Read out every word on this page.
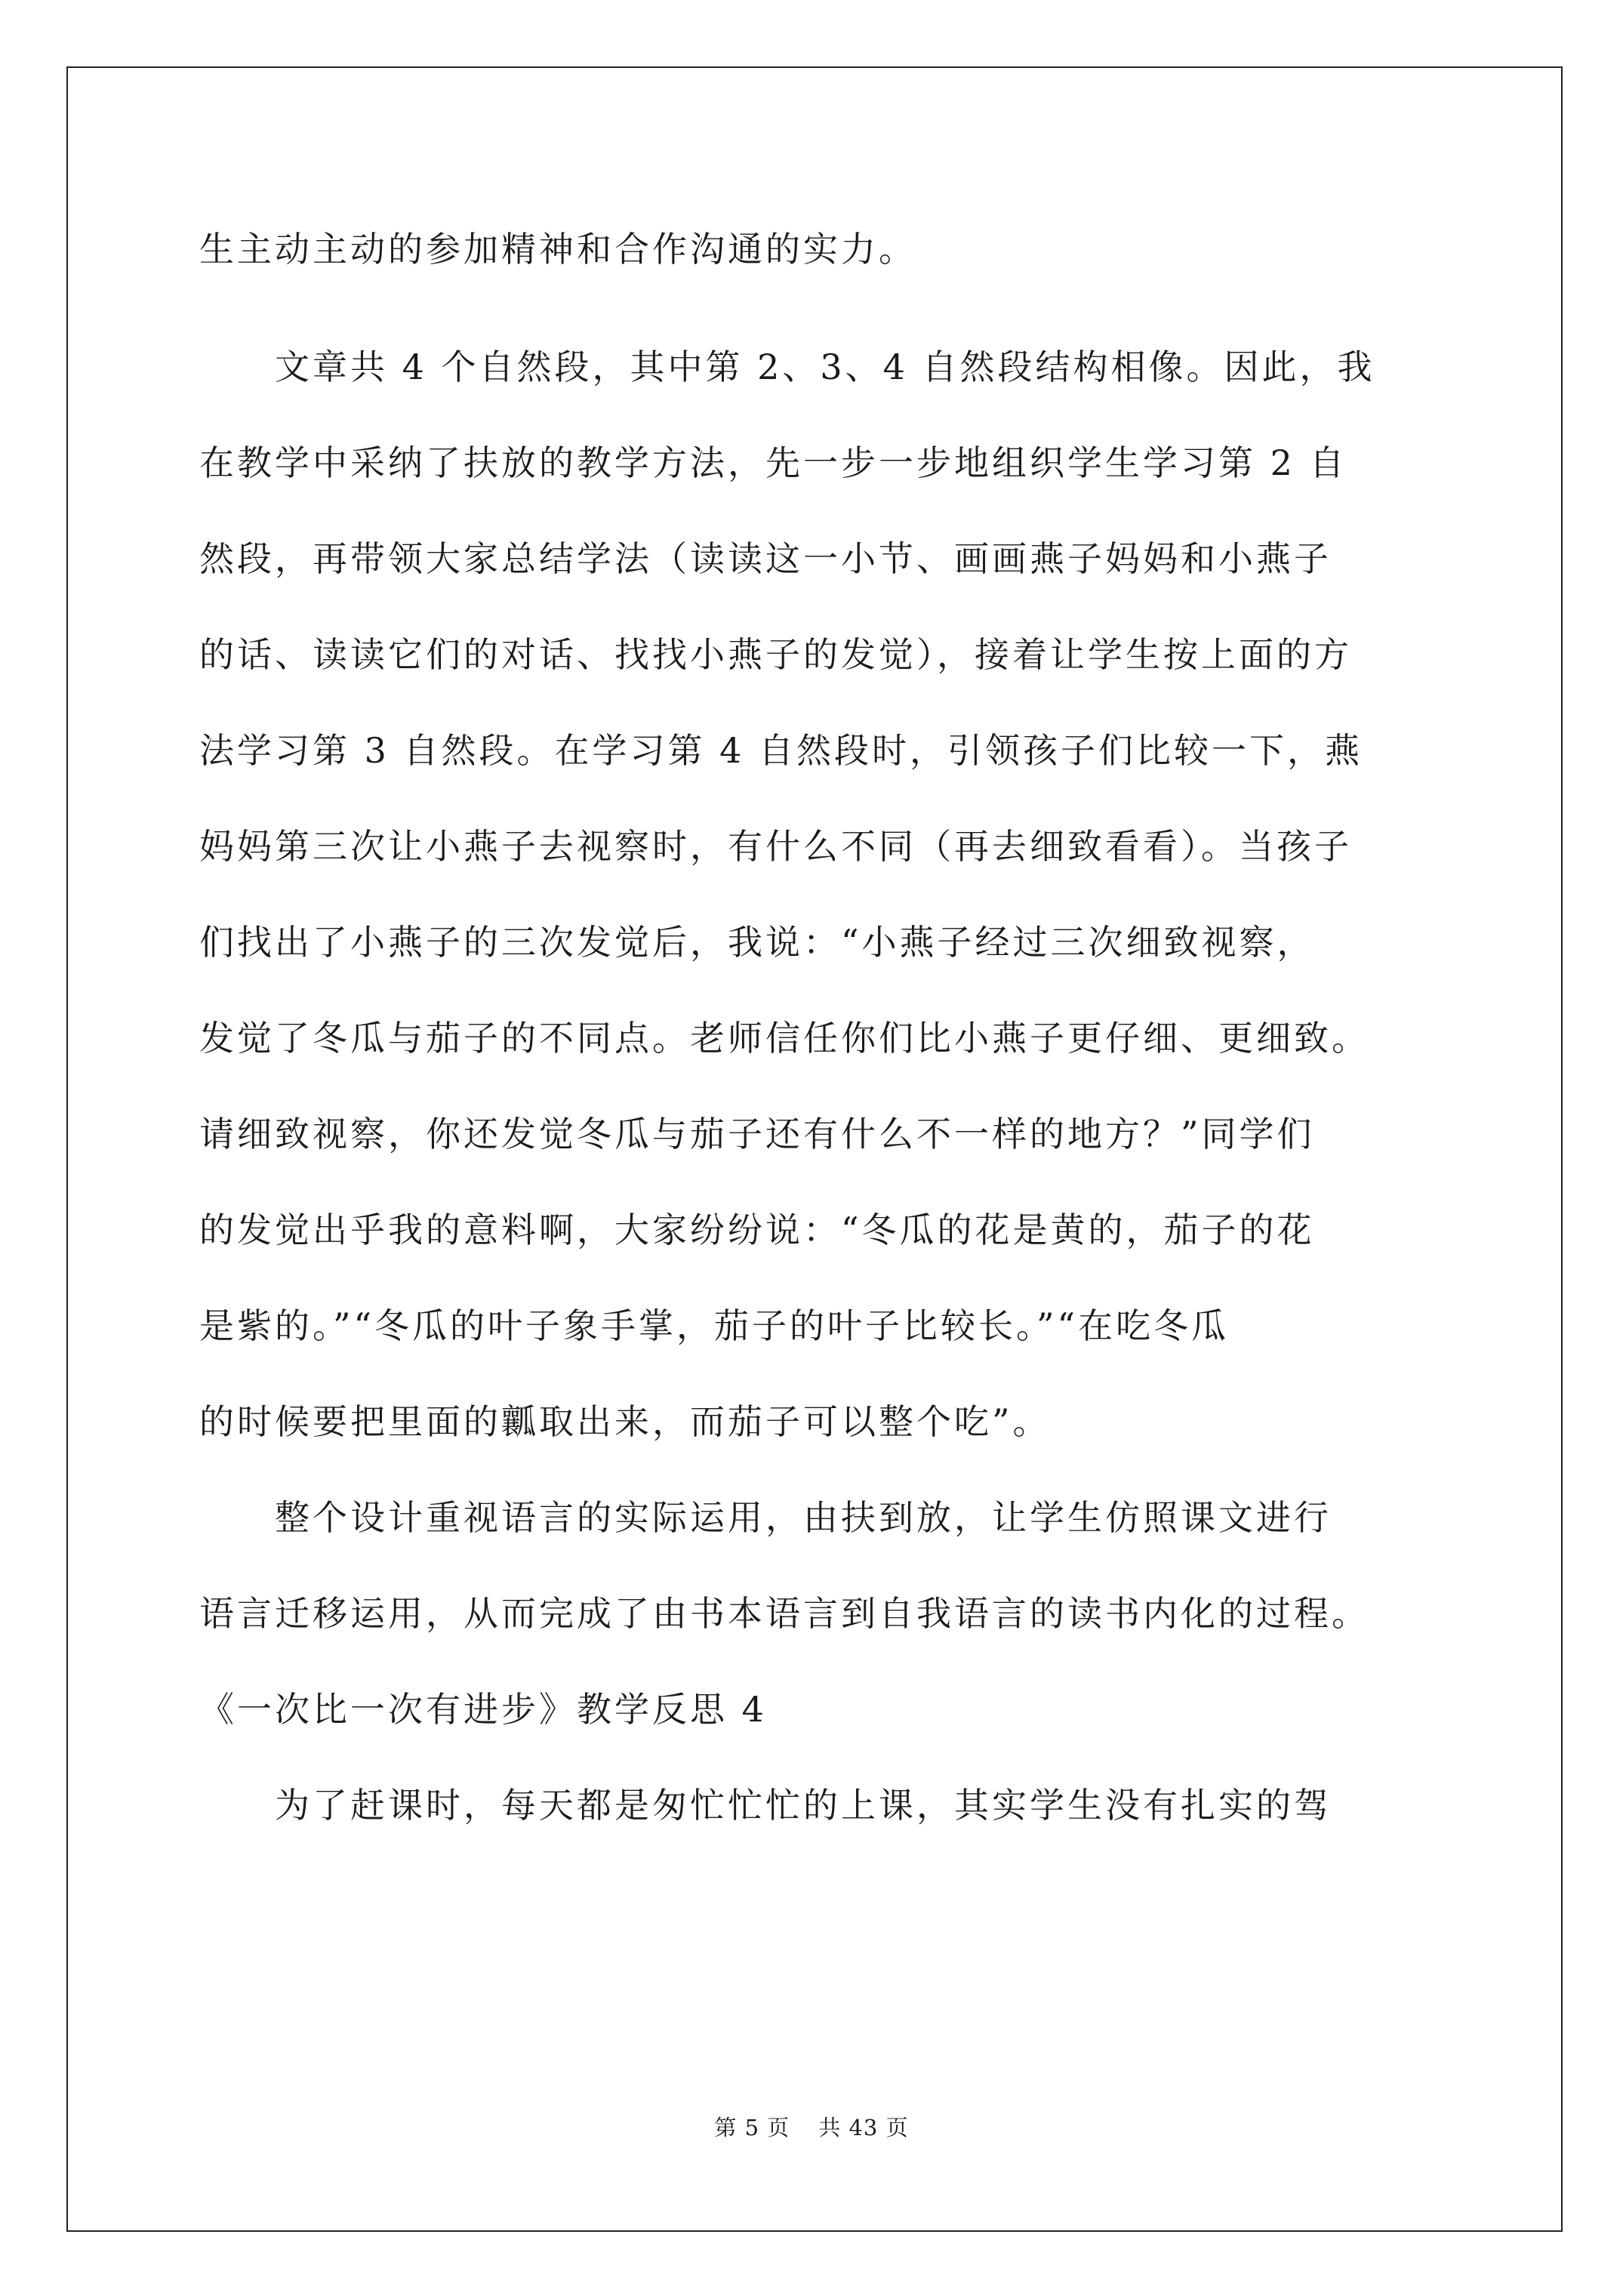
生主动主动的参加精神和合作沟通的实力。
　　文章共 4 个自然段，其中第 2、3、4 自然段结构相像。因此，我
在教学中采纳了扶放的教学方法，先一步一步地组织学生学习第 2 自
然段，再带领大家总结学法（读读这一小节、画画燕子妈妈和小燕子
的话、读读它们的对话、找找小燕子的发觉），接着让学生按上面的方
法学习第 3 自然段。在学习第 4 自然段时，引领孩子们比较一下，燕
妈妈第三次让小燕子去视察时，有什么不同（再去细致看看）。当孩子
们找出了小燕子的三次发觉后，我说：“小燕子经过三次细致视察，
发觉了冬瓜与茄子的不同点。老师信任你们比小燕子更仔细、更细致。
请细致视察，你还发觉冬瓜与茄子还有什么不一样的地方？”同学们
的发觉出乎我的意料啊，大家纷纷说：“冬瓜的花是黄的，茄子的花
是紫的。”“冬瓜的叶子象手掌，茄子的叶子比较长。”“在吃冬瓜
的时候要把里面的瓤取出来，而茄子可以整个吃”。
　　整个设计重视语言的实际运用，由扶到放，让学生仿照课文进行
语言迁移运用，从而完成了由书本语言到自我语言的读书内化的过程。
《一次比一次有进步》教学反思 4
　　为了赶课时，每天都是匆忙忙忙的上课，其实学生没有扎实的驾
第 5 页 共 43 页
